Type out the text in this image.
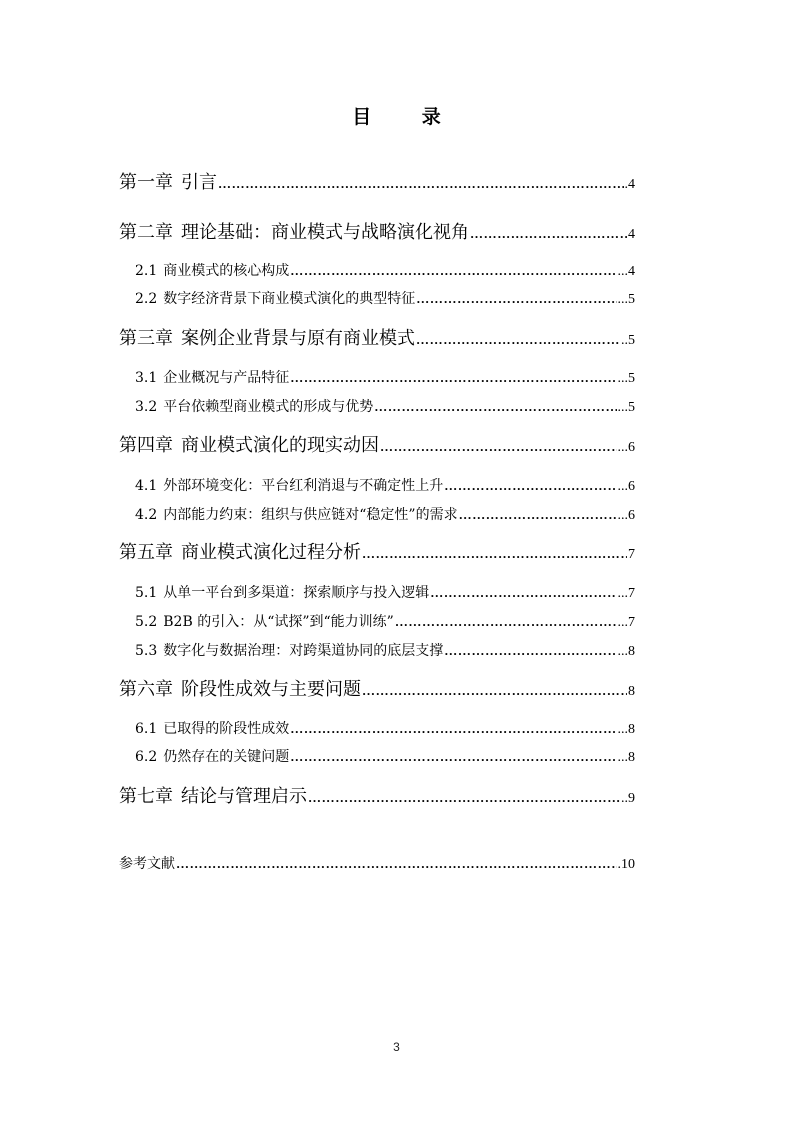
目 录
第一章 引言 …………………………………………………………………………………………………………………………………………………………………………………………………	.4
第二章 理论基础：商业模式与战略演化视角 …………………………………………………………………………………………………………………………………………………………………………………………………	4
2.1 商业模式的核心构成 …………………………………………………………………………………………………………………………………………………………………………………………………	...4
2.2 数字经济背景下商业模式演化的典型特征 …………………………………………………………………………………………………………………………………………………………………………………………………	...5
第三章 案例企业背景与原有商业模式 …………………………………………………………………………………………………………………………………………………………………………………………………	..5
3.1 企业概况与产品特征 …………………………………………………………………………………………………………………………………………………………………………………………………	...5
3.2 平台依赖型商业模式的形成与优势 …………………………………………………………………………………………………………………………………………………………………………………………………	...5
第四章 商业模式演化的现实动因 …………………………………………………………………………………………………………………………………………………………………………………………………	...6
4.1 外部环境变化：平台红利消退与不确定性上升 …………………………………………………………………………………………………………………………………………………………………………………………………	...6
4.2 内部能力约束：组织与供应链对“稳定性”的需求 …………………………………………………………………………………………………………………………………………………………………………………………………	...6
第五章 商业模式演化过程分析 …………………………………………………………………………………………………………………………………………………………………………………………………	7
5.1 从单一平台到多渠道：探索顺序与投入逻辑 …………………………………………………………………………………………………………………………………………………………………………………………………	...7
5.2 B2B 的引入：从“试探”到“能力训练” …………………………………………………………………………………………………………………………………………………………………………………………………	...7
5.3 数字化与数据治理：对跨渠道协同的底层支撑 …………………………………………………………………………………………………………………………………………………………………………………………………	...8
第六章 阶段性成效与主要问题 …………………………………………………………………………………………………………………………………………………………………………………………………	8
6.1 已取得的阶段性成效 …………………………………………………………………………………………………………………………………………………………………………………………………	...8
6.2 仍然存在的关键问题 …………………………………………………………………………………………………………………………………………………………………………………………………	...8
第七章 结论与管理启示 …………………………………………………………………………………………………………………………………………………………………………………………………	..9
参考文献 …………………………………………………………………………………………………………………………………………………………………………………………………	.10
3
